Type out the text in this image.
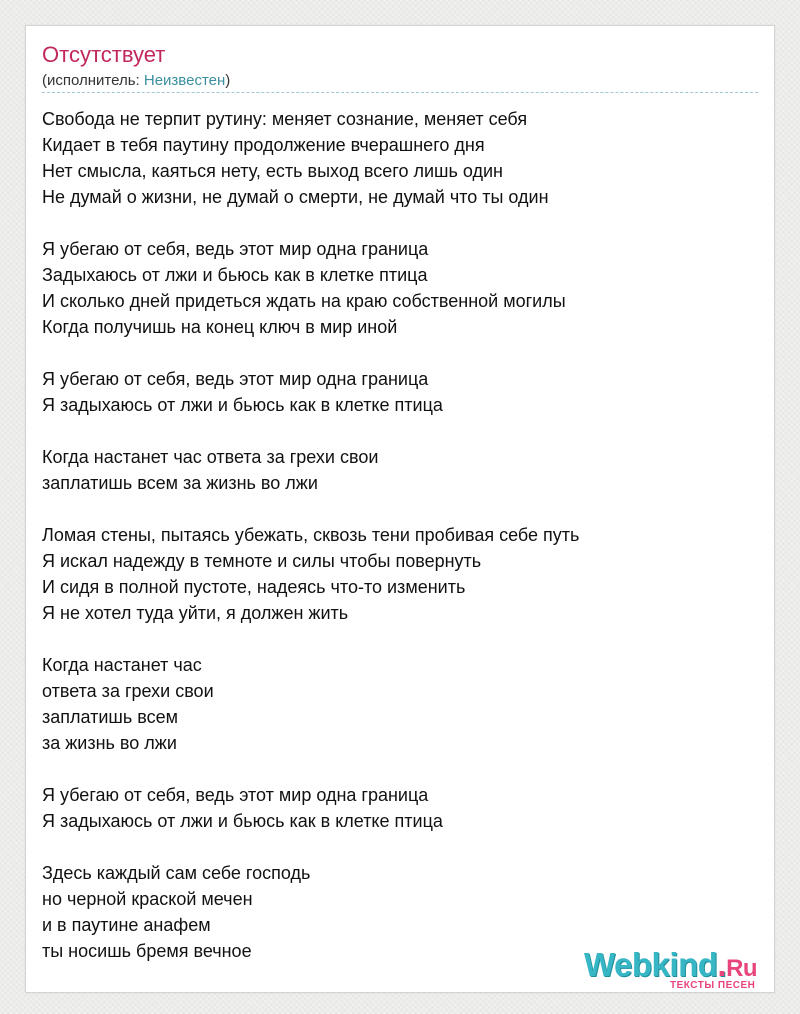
Отсутствует
(исполнитель: Неизвестен)
Свобода не терпит рутину: меняет сознание, меняет себя
Кидает в тебя паутину продолжение вчерашнего дня
Нет смысла, каяться нету, есть выход всего лишь один
Не думай о жизни, не думай о смерти, не думай что ты один
Я убегаю от себя, ведь этот мир одна граница
Задыхаюсь от лжи и бьюсь как в клетке птица
И сколько дней придеться ждать на краю собственной могилы
Когда получишь на конец ключ в мир иной
Я убегаю от себя, ведь этот мир одна граница
Я задыхаюсь от лжи и бьюсь как в клетке птица
Когда настанет час ответа за грехи свои
заплатишь всем за жизнь во лжи
Ломая стены, пытаясь убежать, сквозь тени пробивая себе путь
Я искал надежду в темноте и силы чтобы повернуть
И сидя в полной пустоте, надеясь что-то изменить
Я не хотел туда уйти, я должен жить
Когда настанет час
ответа за грехи свои
заплатишь всем
за жизнь во лжи
Я убегаю от себя, ведь этот мир одна граница
Я задыхаюсь от лжи и бьюсь как в клетке птица
Здесь каждый сам себе господь
но черной краской мечен
и в паутине анафем
ты носишь бремя вечное	Webkind.Ru
ТЕКСТЫ ПЕСЕН
